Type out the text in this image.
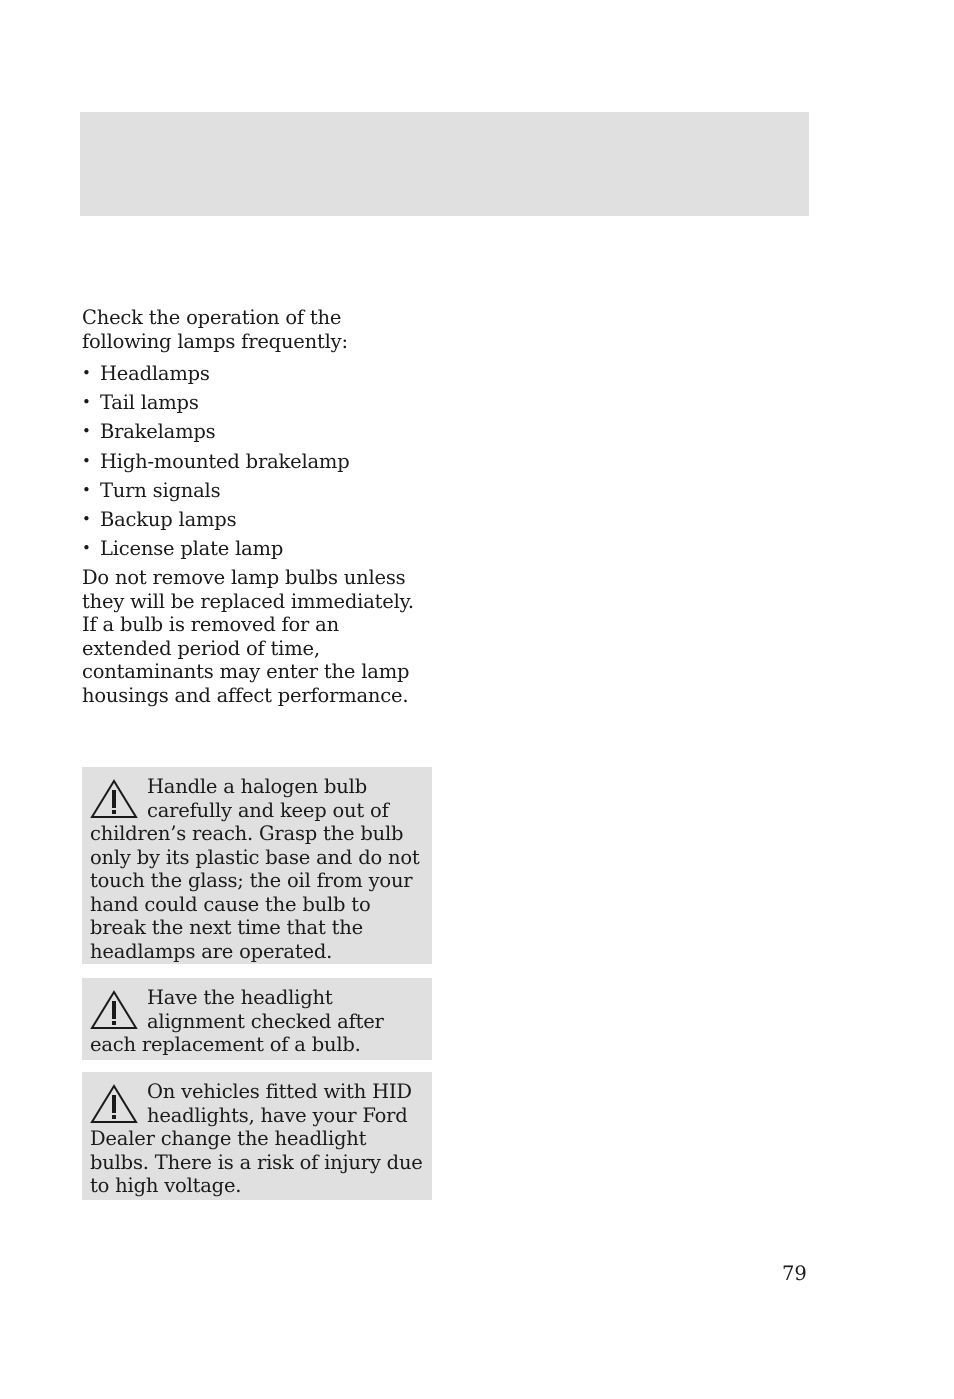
Check the operation of the following lamps frequently:

• Headlamps
• Tail lamps
• Brakelamps
• High-mounted brakelamp
• Turn signals
• Backup lamps
• License plate lamp

Do not remove lamp bulbs unless they will be replaced immediately. If a bulb is removed for an extended period of time, contaminants may enter the lamp housings and affect performance.

Handle a halogen bulb carefully and keep out of children’s reach. Grasp the bulb only by its plastic base and do not touch the glass; the oil from your hand could cause the bulb to break the next time that the headlamps are operated.
Have the headlight alignment checked after each replacement of a bulb.
On vehicles fitted with HID headlights, have your Ford Dealer change the headlight bulbs. There is a risk of injury due to high voltage.
79
